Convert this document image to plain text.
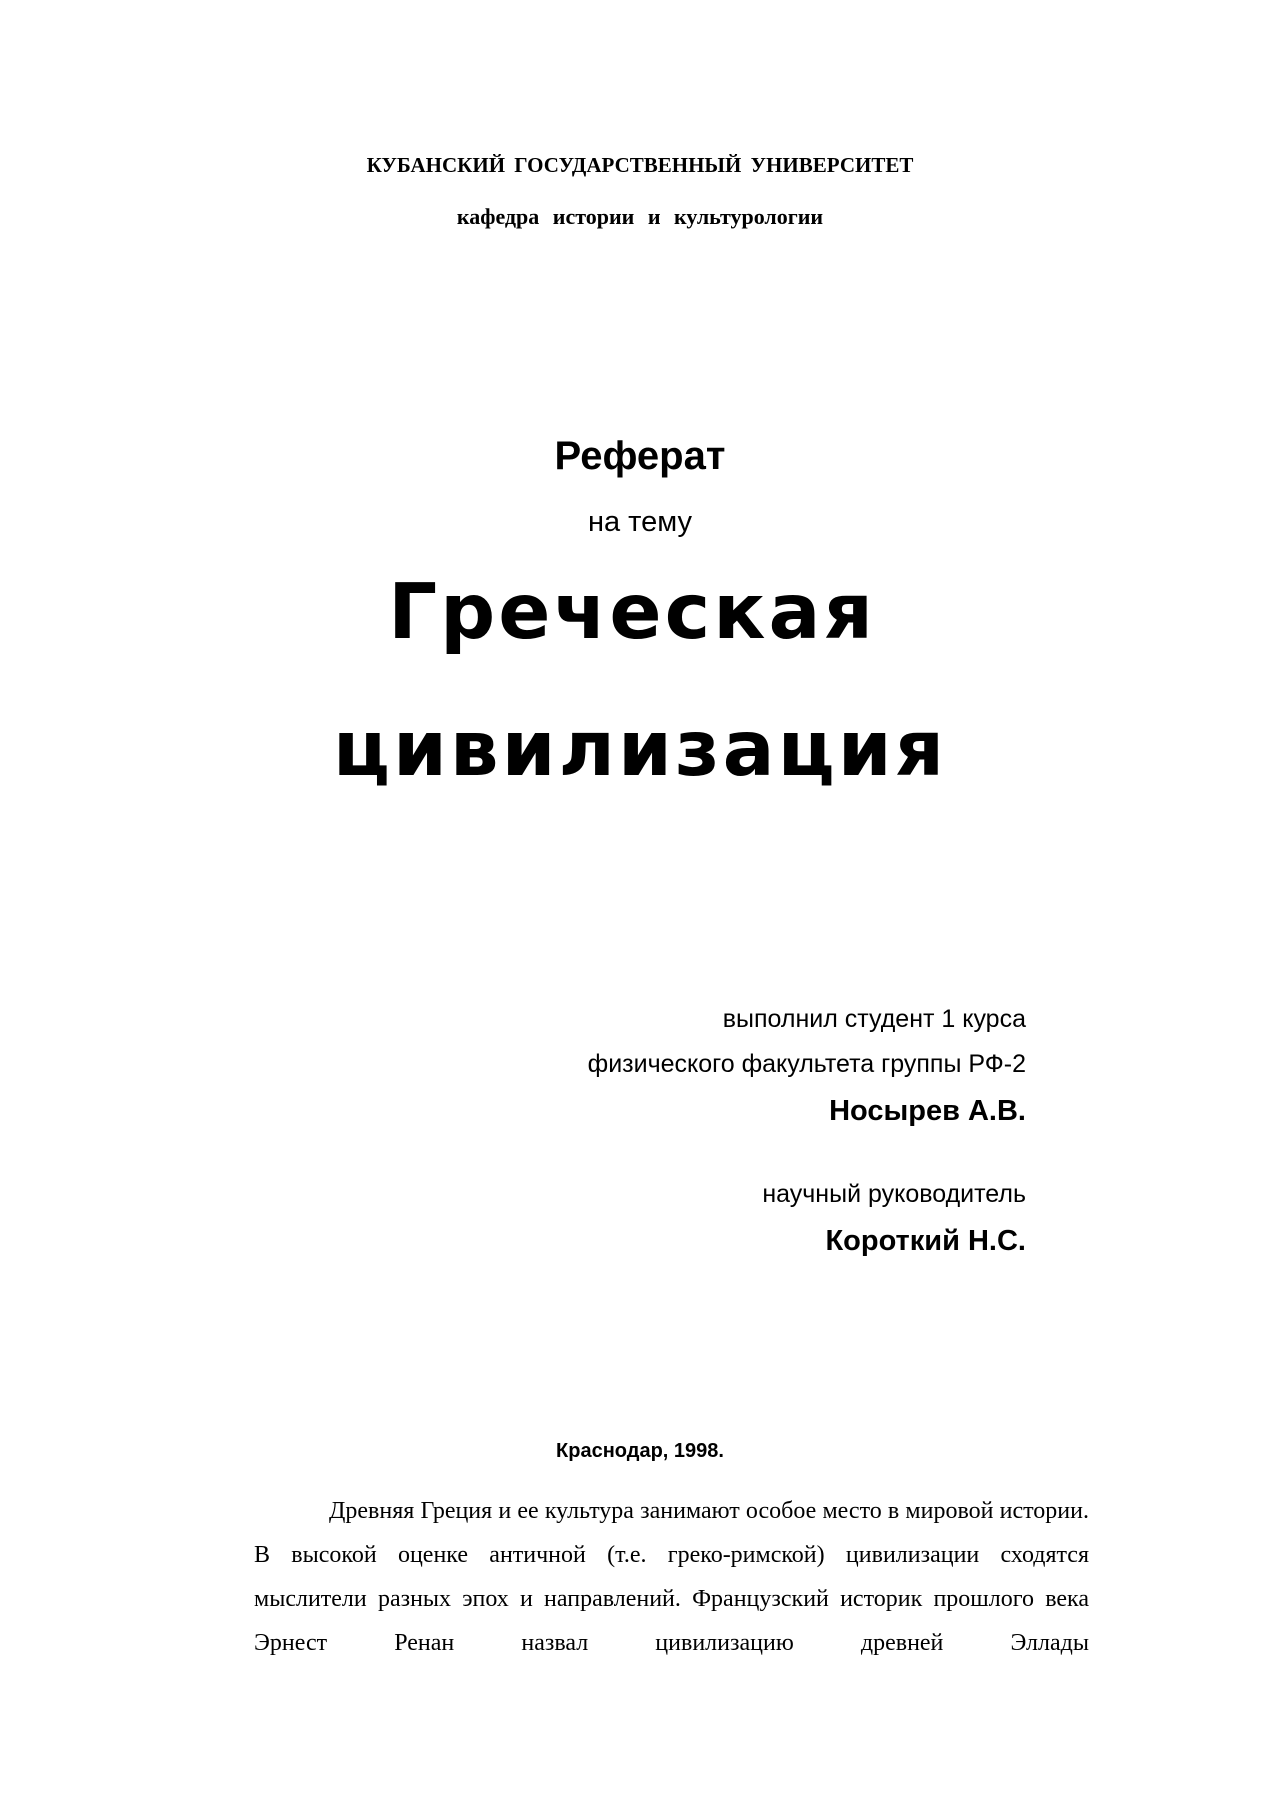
КУБАНСКИЙ ГОСУДАРСТВЕННЫЙ УНИВЕРСИТЕТ
кафедра истории и культурологии
Реферат
на тему
Греческая
цивилизация
выполнил студент 1 курса
физического факультета группы РФ-2
Носырев А.В.
научный руководитель
Короткий Н.С.
Краснодар, 1998.

Древняя Греция и ее культура занимают особое место в мировой истории. В высокой оценке античной (т.е. греко-римской) цивилизации сходятся мыслители разных эпох и направлений. Французский историк прошлого века Эрнест Ренан назвал цивилизацию древней Эллады
